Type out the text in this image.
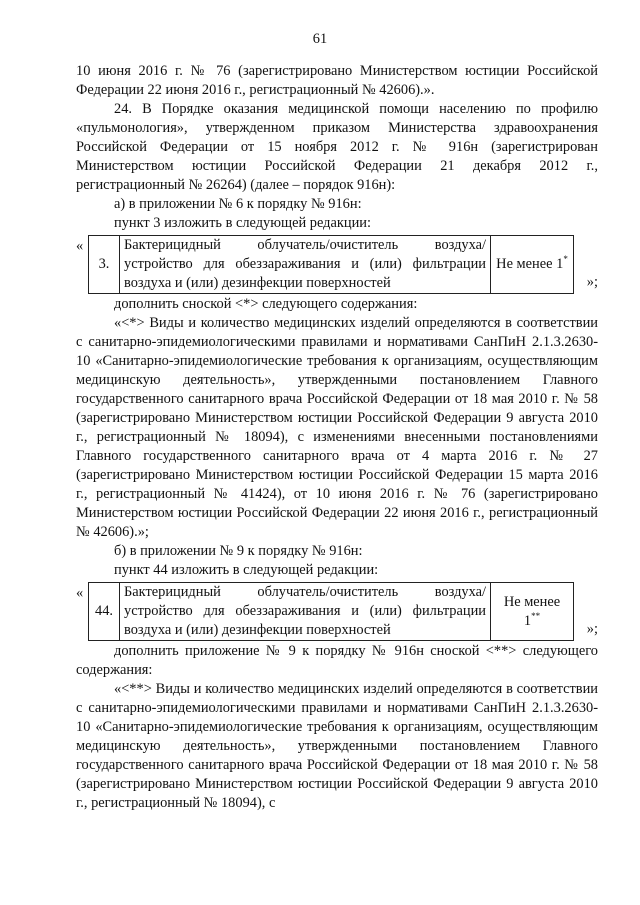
61

10 июня 2016 г. № 76 (зарегистрировано Министерством юстиции Российской Федерации 22 июня 2016 г., регистрационный № 42606).».

24. В Порядке оказания медицинской помощи населению по профилю «пульмонология», утвержденном приказом Министерства здравоохранения Российской Федерации от 15 ноября 2012 г. № 916н (зарегистрирован Министерством юстиции Российской Федерации 21 декабря 2012 г., регистрационный № 26264) (далее – порядок 916н):

а) в приложении № 6 к порядку № 916н:

пункт 3 изложить в следующей редакции:

«
3.	Бактерицидный облучатель/очиститель воздуха/устройство для обеззараживания и (или) фильтрации воздуха и (или) дезинфекции поверхностей	Не менее 1*
»;

дополнить сноской <*> следующего содержания:

«<*> Виды и количество медицинских изделий определяются в соответствии с санитарно-эпидемиологическими правилами и нормативами СанПиН 2.1.3.2630-10 «Санитарно-эпидемиологические требования к организациям, осуществляющим медицинскую деятельность», утвержденными постановлением Главного государственного санитарного врача Российской Федерации от 18 мая 2010 г. № 58 (зарегистрировано Министерством юстиции Российской Федерации 9 августа 2010 г., регистрационный № 18094), с изменениями внесенными постановлениями Главного государственного санитарного врача от 4 марта 2016 г. № 27 (зарегистрировано Министерством юстиции Российской Федерации 15 марта 2016 г., регистрационный № 41424), от 10 июня 2016 г. № 76 (зарегистрировано Министерством юстиции Российской Федерации 22 июня 2016 г., регистрационный № 42606).»;

б) в приложении № 9 к порядку № 916н:

пункт 44 изложить в следующей редакции:

«
44.	Бактерицидный облучатель/очиститель воздуха/устройство для обеззараживания и (или) фильтрации воздуха и (или) дезинфекции поверхностей	Не менее 1**
»;

дополнить приложение № 9 к порядку № 916н сноской <**> следующего содержания:

«<**> Виды и количество медицинских изделий определяются в соответствии с санитарно-эпидемиологическими правилами и нормативами СанПиН 2.1.3.2630-10 «Санитарно-эпидемиологические требования к организациям, осуществляющим медицинскую деятельность», утвержденными постановлением Главного государственного санитарного врача Российской Федерации от 18 мая 2010 г. № 58 (зарегистрировано Министерством юстиции Российской Федерации 9 августа 2010 г., регистрационный № 18094), с
